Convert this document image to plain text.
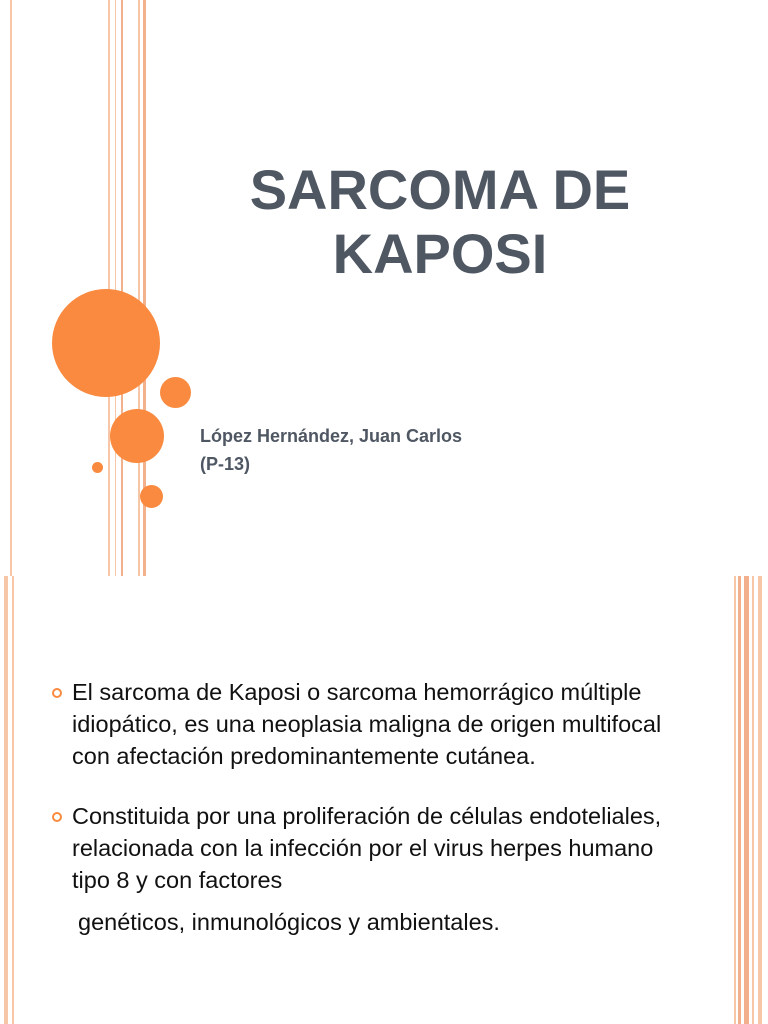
SARCOMA DE
KAPOSI
López Hernández, Juan Carlos
(P-13)
El sarcoma de Kaposi o sarcoma hemorrágico múltiple
idiopático, es una neoplasia maligna de origen multifocal
con afectación predominantemente cutánea.
Constituida por una proliferación de células endoteliales,
relacionada con la infección por el virus herpes humano
tipo 8 y con factores
genéticos, inmunológicos y ambientales.
